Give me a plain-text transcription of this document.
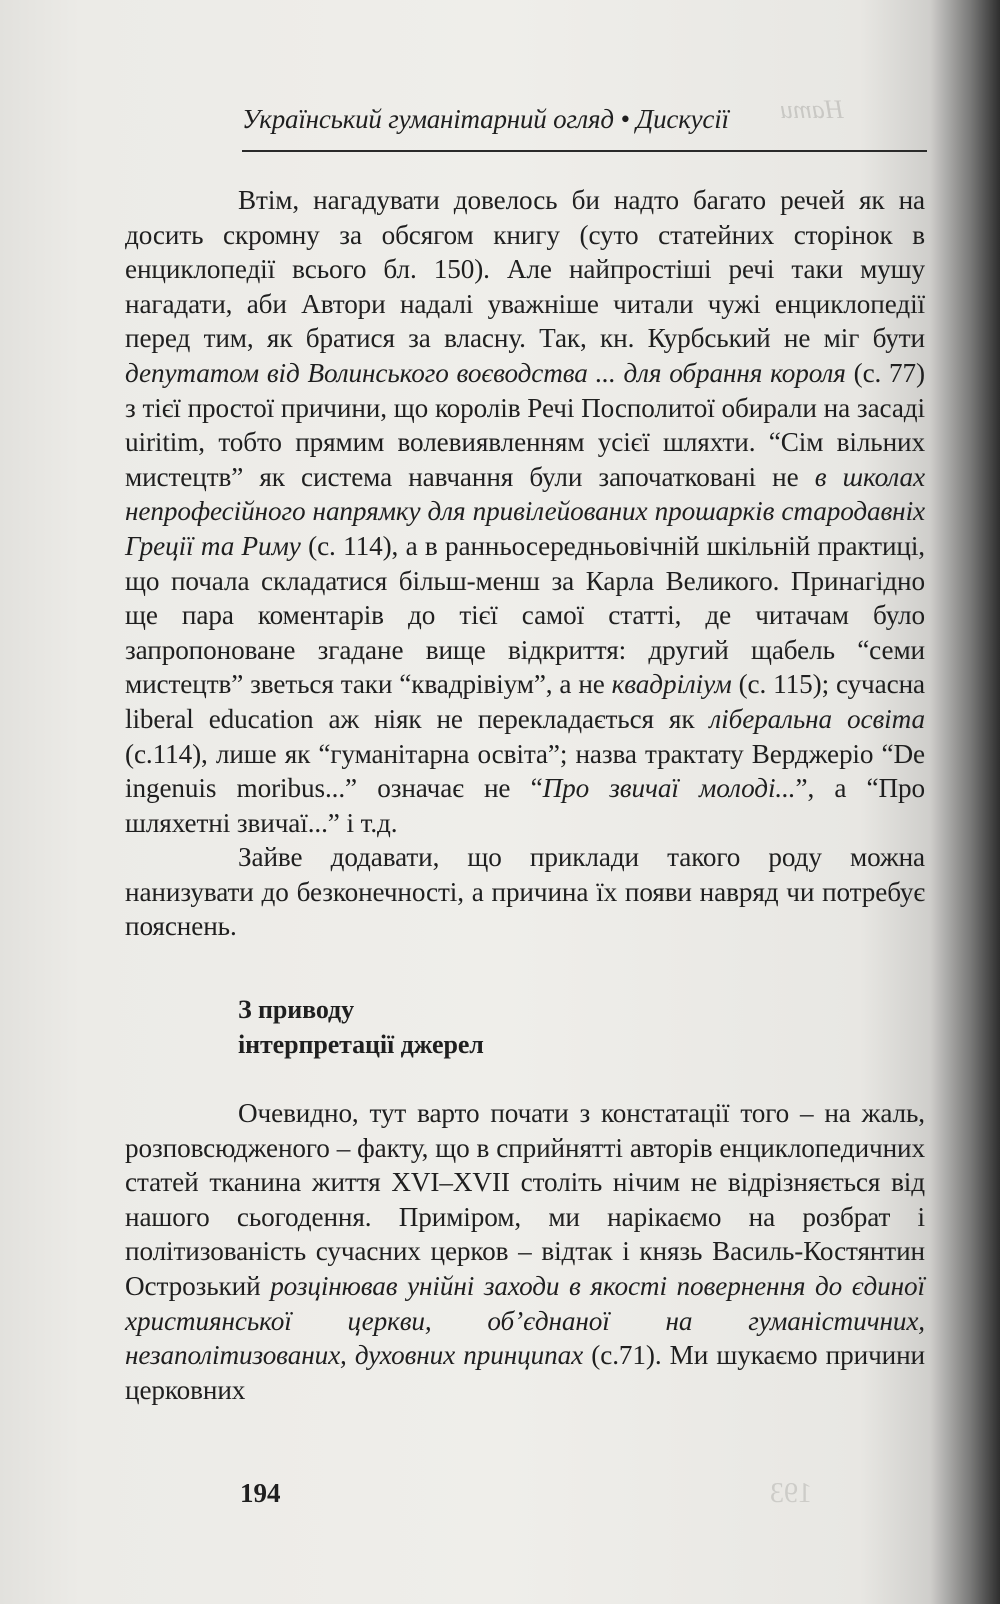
Нати
193
Український гуманітарний огляд • Дискусії

Втім, нагадувати довелось би надто багато речей як на досить скромну за обсягом книгу (суто статейних сторінок в енциклопедії всього бл. 150). Але найпростіші речі таки мушу нагадати, аби Автори надалі уважніше читали чужі енциклопедії перед тим, як братися за власну. Так, кн. Курбський не міг бути депутатом від Волинського воєводства ... для обрання короля (с. 77) з тієї простої причини, що королів Речі Посполитої обирали на засаді uiritim, тобто прямим волевиявленням усієї шляхти. “Сім вільних мистецтв” як система навчання були започатковані не в школах непрофесійного напрямку для привілейованих прошарків стародавніх Греції та Риму (с. 114), а в ранньосередньовічній шкільній практиці, що почала складатися більш-менш за Карла Великого. Принагідно ще пара коментарів до тієї самої статті, де читачам було запропоноване згадане вище відкриття: другий щабель “семи мистецтв” зветься таки “квадрівіум”, а не квадріліум (с. 115); сучасна liberal education аж ніяк не перекладається як ліберальна освіта (с.114), лише як “гуманітарна освіта”; назва трактату Верджеріо “De ingenuis moribus...” означає не “Про звичаї молоді...”, а “Про шляхетні звичаї...” і т.д.

Зайве додавати, що приклади такого роду можна нанизувати до безконечності, а причина їх появи навряд чи потребує пояснень.

З приводу
інтерпретації джерел

Очевидно, тут варто почати з констатації того – на жаль, розповсюдженого – факту, що в сприйнятті авторів енциклопедичних статей тканина життя XVI–XVII століть нічим не відрізняється від нашого сьогодення. Приміром, ми нарікаємо на розбрат і політизованість сучасних церков – відтак і князь Василь-Костянтин Острозький розцінював унійні заходи в якості повернення до єдиної християнської церкви, об’єднаної на гуманістичних, незаполітизованих, духовних принципах (с.71). Ми шукаємо причини церковних

194
